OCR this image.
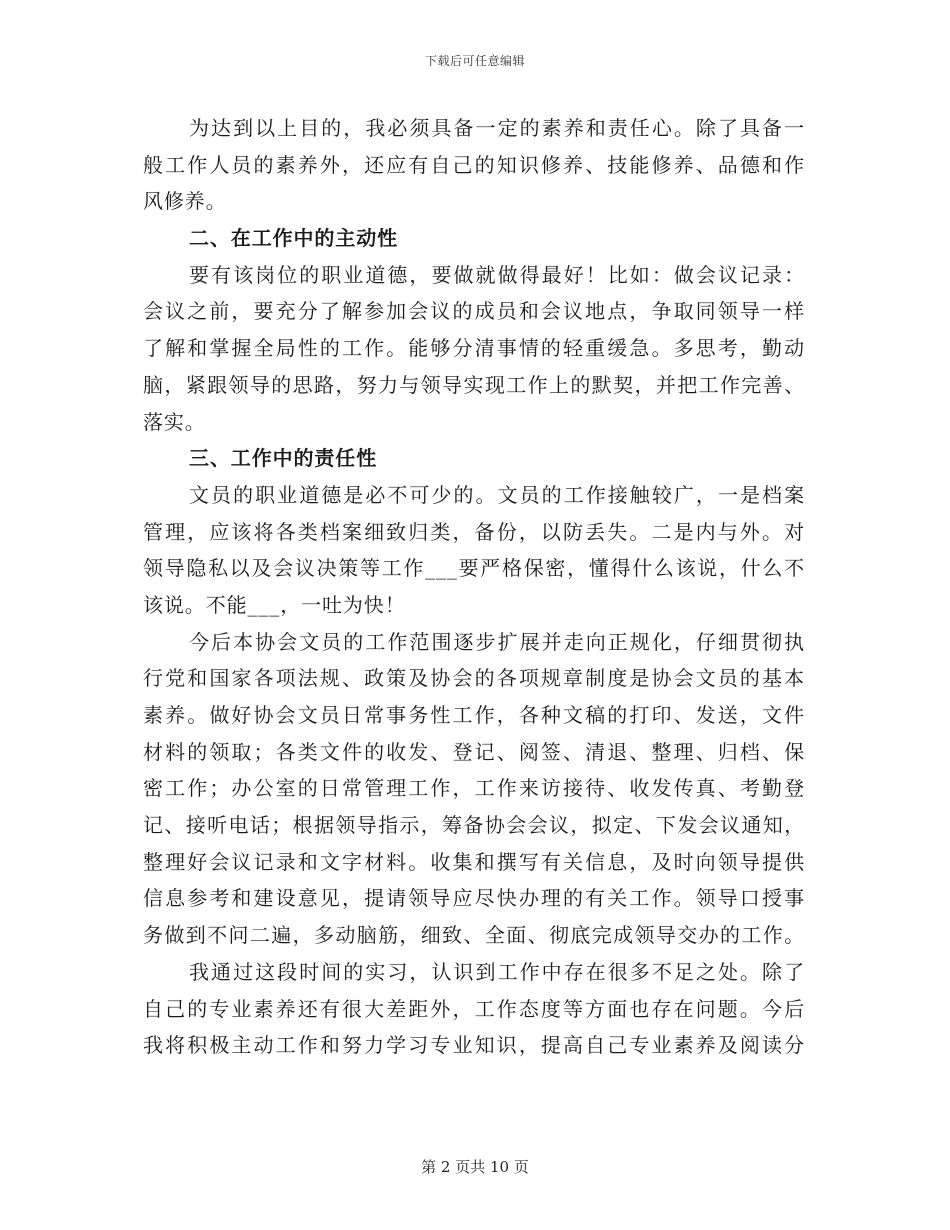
下载后可任意编辑
为达到以上目的，我必须具备一定的素养和责任心。除了具备一
般工作人员的素养外，还应有自己的知识修养、技能修养、品德和作
风修养。
二、在工作中的主动性
要有该岗位的职业道德，要做就做得最好！比如：做会议记录：
会议之前，要充分了解参加会议的成员和会议地点，争取同领导一样
了解和掌握全局性的工作。能够分清事情的轻重缓急。多思考，勤动
脑，紧跟领导的思路，努力与领导实现工作上的默契，并把工作完善、
落实。
三、工作中的责任性
文员的职业道德是必不可少的。文员的工作接触较广，一是档案
管理，应该将各类档案细致归类，备份，以防丢失。二是内与外。对
领导隐私以及会议决策等工作___要严格保密，懂得什么该说，什么不
该说。不能___，一吐为快！
今后本协会文员的工作范围逐步扩展并走向正规化，仔细贯彻执
行党和国家各项法规、政策及协会的各项规章制度是协会文员的基本
素养。做好协会文员日常事务性工作，各种文稿的打印、发送，文件
材料的领取；各类文件的收发、登记、阅签、清退、整理、归档、保
密工作；办公室的日常管理工作，工作来访接待、收发传真、考勤登
记、接听电话；根据领导指示，筹备协会会议，拟定、下发会议通知，
整理好会议记录和文字材料。收集和撰写有关信息，及时向领导提供
信息参考和建设意见，提请领导应尽快办理的有关工作。领导口授事
务做到不问二遍，多动脑筋，细致、全面、彻底完成领导交办的工作。
我通过这段时间的实习，认识到工作中存在很多不足之处。除了
自己的专业素养还有很大差距外，工作态度等方面也存在问题。今后
我将积极主动工作和努力学习专业知识，提高自己专业素养及阅读分
第 2 页共 10 页
